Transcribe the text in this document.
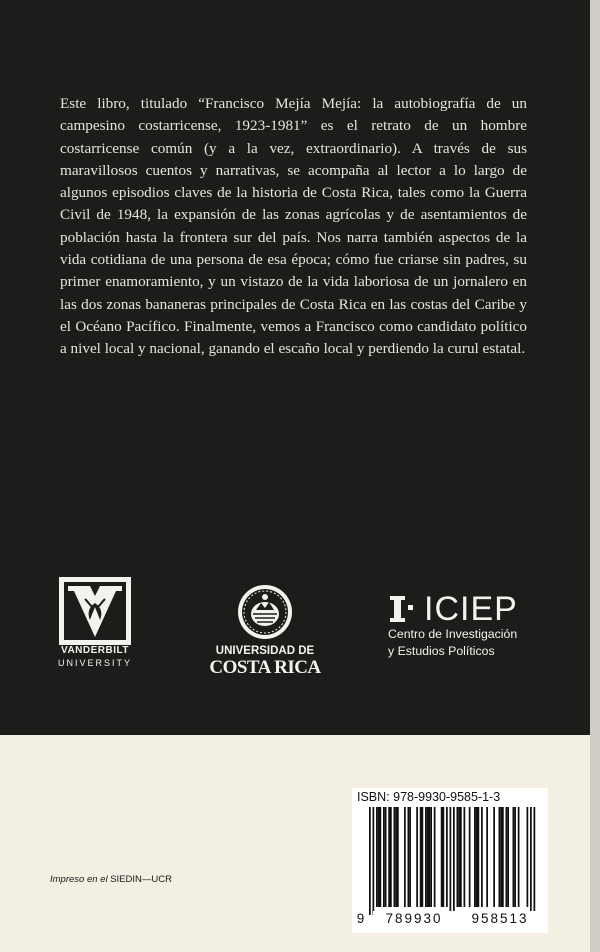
Este libro, titulado “Francisco Mejía Mejía: la autobiografía de un campesino costarricense, 1923-1981” es el retrato de un hombre costarricense común (y a la vez, extraordinario). A través de sus maravillosos cuentos y narrativas, se acompaña al lector a lo largo de algunos episodios claves de la historia de Costa Rica, tales como la Guerra Civil de 1948, la expansión de las zonas agrícolas y de asentamientos de población hasta la frontera sur del país. Nos narra también aspectos de la vida cotidiana de una persona de esa época; cómo fue criarse sin padres, su primer enamoramiento, y un vistazo de la vida laboriosa de un jornalero en las dos zonas bananeras principales de Costa Rica en las costas del Caribe y el Océano Pacífico. Finalmente, vemos a Francisco como candidato político a nivel local y nacional, ganando el escaño local y perdiendo la curul estatal.

VANDERBILT
UNIVERSITY
UNIVERSIDAD DE
COSTA RICA
ICIEP
Centro de Investigación
y Estudios Políticos
Impreso en el SIEDIN—UCR
ISBN: 978-9930-9585-1-3
9	789930	958513
